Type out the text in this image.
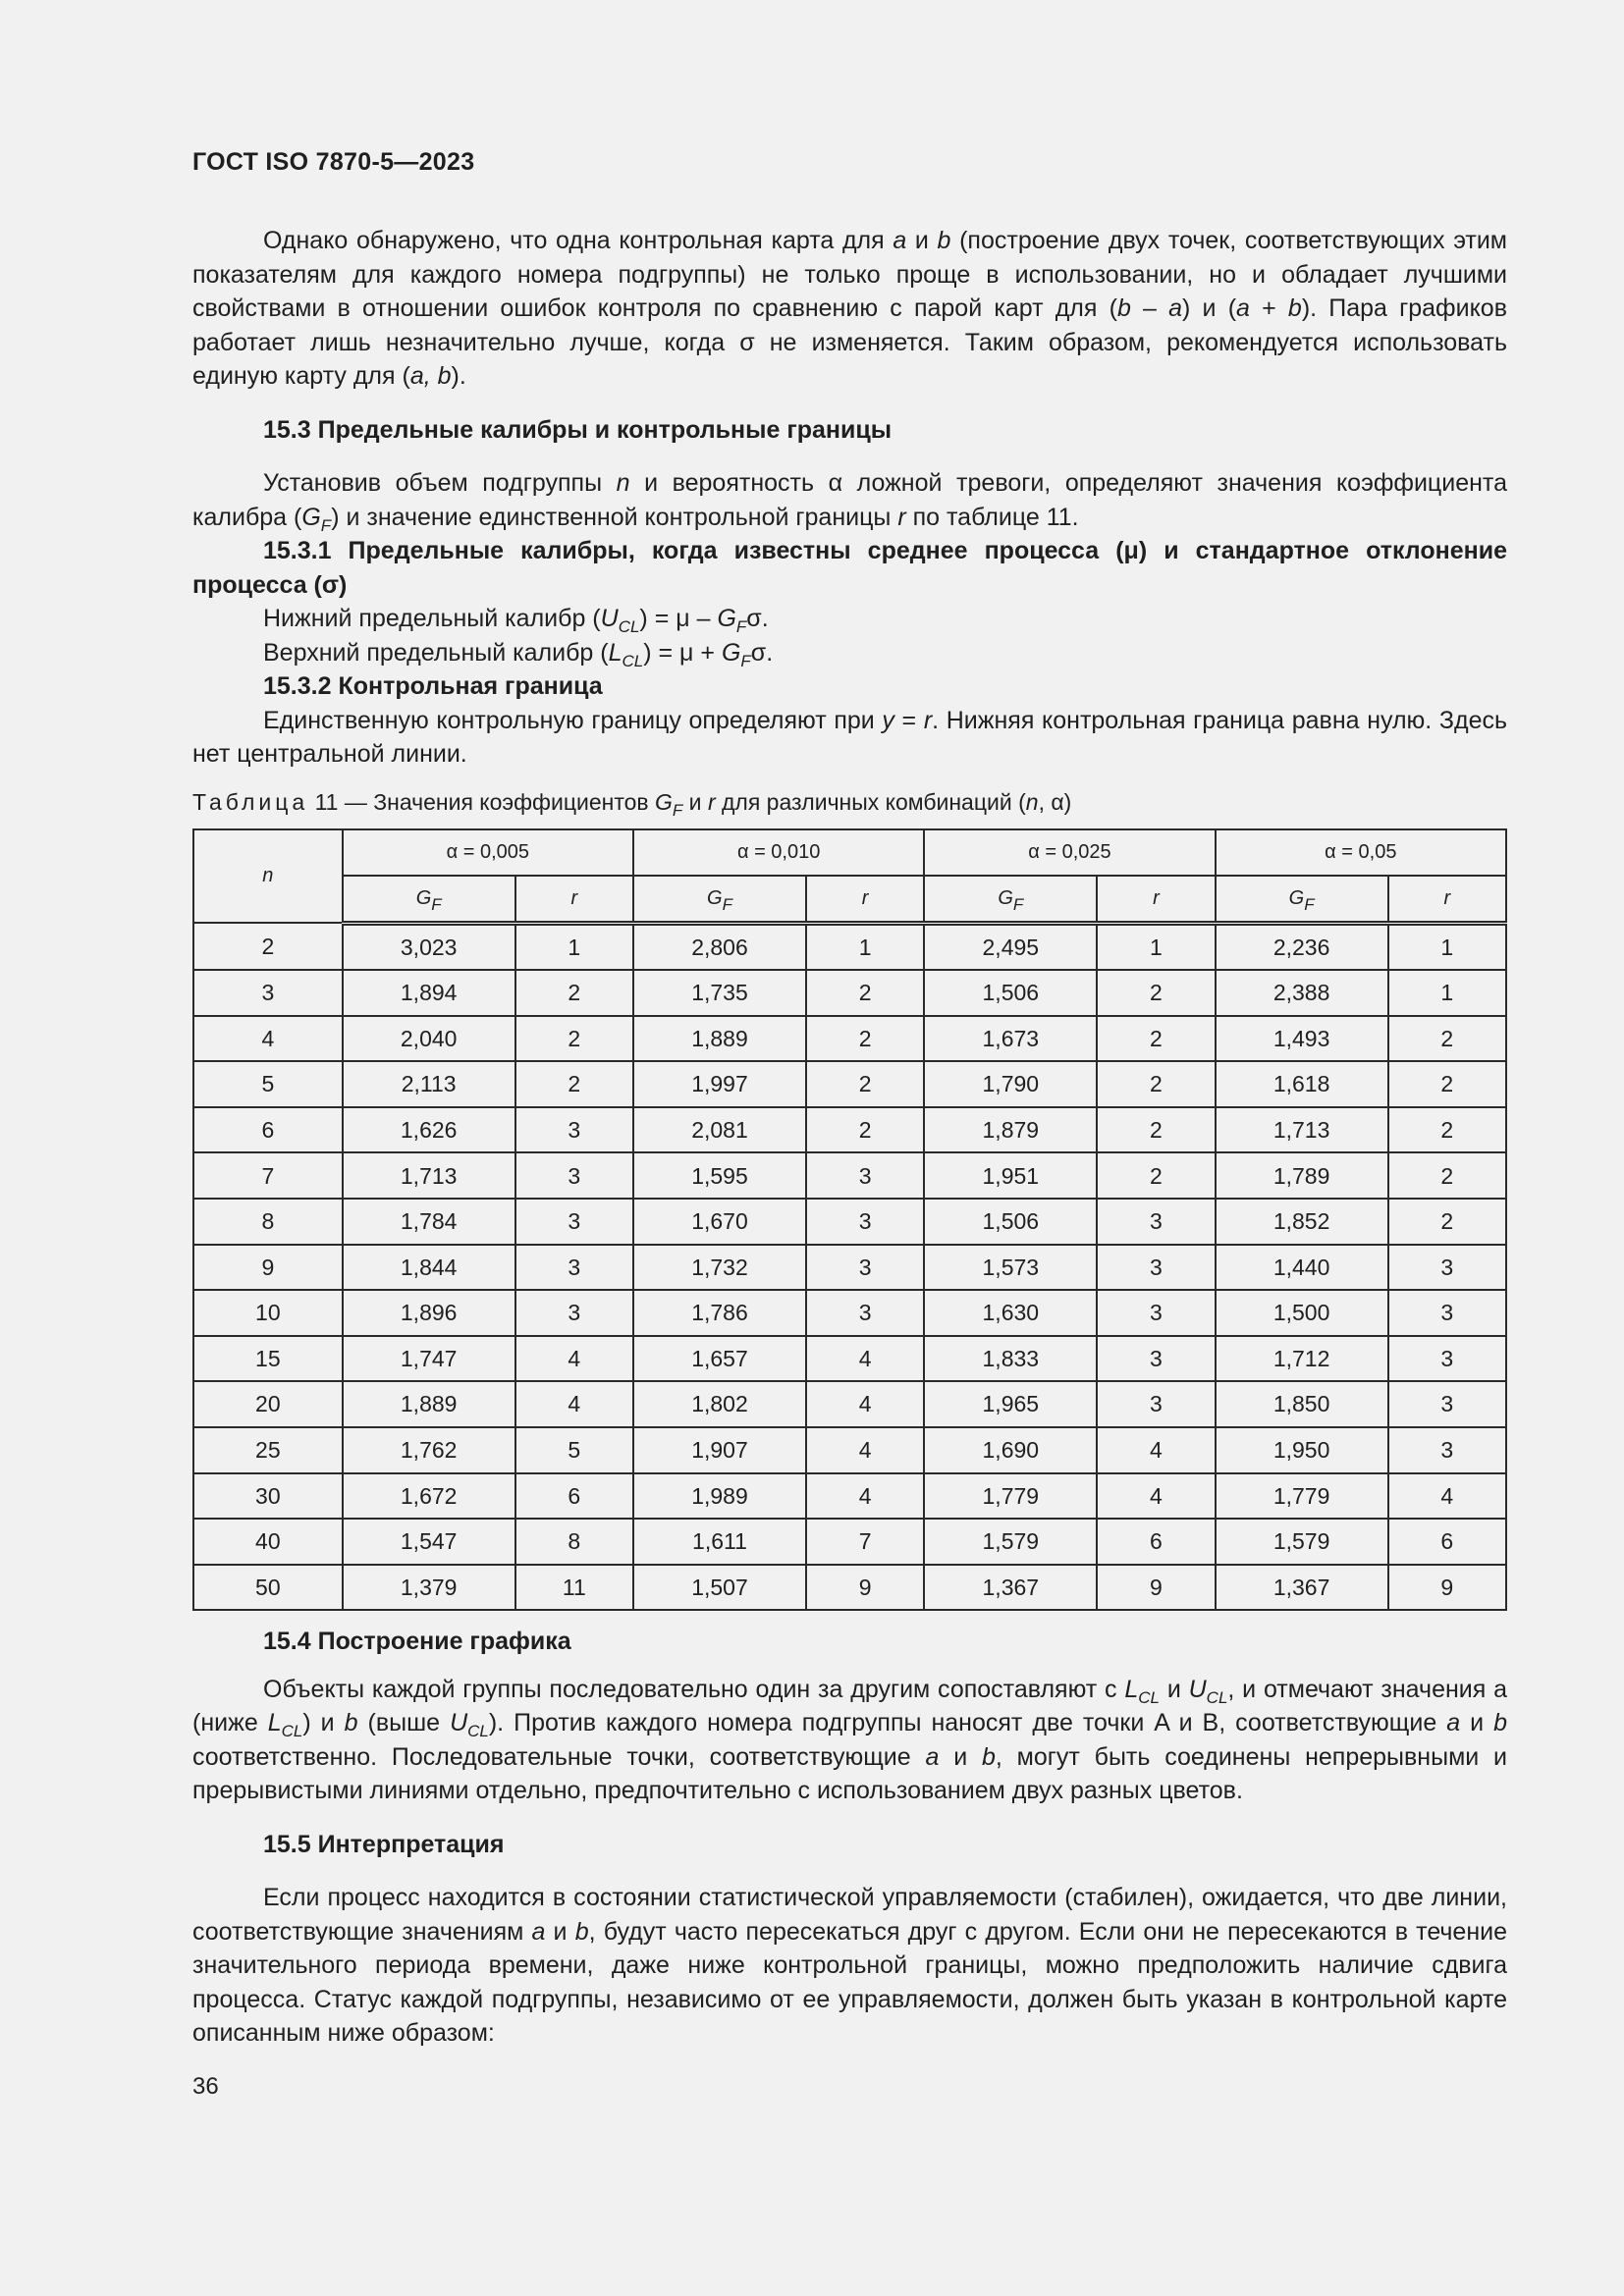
ГОСТ ISO 7870-5—2023

Однако обнаружено, что одна контрольная карта для a и b (построение двух точек, соответствующих этим показателям для каждого номера подгруппы) не только проще в использовании, но и обладает лучшими свойствами в отношении ошибок контроля по сравнению с парой карт для (b – a) и (a + b). Пара графиков работает лишь незначительно лучше, когда σ не изменяется. Таким образом, рекомендуется использовать единую карту для (a, b).

15.3 Предельные калибры и контрольные границы

Установив объем подгруппы n и вероятность α ложной тревоги, определяют значения коэффициента калибра $(G_F)$ и значение единственной контрольной границы r по таблице 11.

15.3.1 Предельные калибры, когда известны среднее процесса (μ) и стандартное отклонение процесса (σ)

Нижний предельный калибр $(U_{CL}) = \mu - G_F\sigma$.

Верхний предельный калибр $(L_{CL}) = \mu + G_F\sigma$.

15.3.2 Контрольная граница

Единственную контрольную границу определяют при y = r. Нижняя контрольная граница равна нулю. Здесь нет центральной линии.

Таблица 11 — Значения коэффициентов $G_F$ и r для различных комбинаций (n, α)
n	α = 0,005		α = 0,010		α = 0,025		α = 0,05	
	$G_F$	r	$G_F$	r	$G_F$	r	$G_F$	r
2	3,023	1	2,806	1	2,495	1	2,236	1
3	1,894	2	1,735	2	1,506	2	2,388	1
4	2,040	2	1,889	2	1,673	2	1,493	2
5	2,113	2	1,997	2	1,790	2	1,618	2
6	1,626	3	2,081	2	1,879	2	1,713	2
7	1,713	3	1,595	3	1,951	2	1,789	2
8	1,784	3	1,670	3	1,506	3	1,852	2
9	1,844	3	1,732	3	1,573	3	1,440	3
10	1,896	3	1,786	3	1,630	3	1,500	3
15	1,747	4	1,657	4	1,833	3	1,712	3
20	1,889	4	1,802	4	1,965	3	1,850	3
25	1,762	5	1,907	4	1,690	4	1,950	3
30	1,672	6	1,989	4	1,779	4	1,779	4
40	1,547	8	1,611	7	1,579	6	1,579	6
50	1,379	11	1,507	9	1,367	9	1,367	9

15.4 Построение графика

Объекты каждой группы последовательно один за другим сопоставляют с $L_{CL}$ и $U_{CL}$, и отмечают значения a (ниже $L_{CL}$) и b (выше $U_{CL}$). Против каждого номера подгруппы наносят две точки A и B, соответствующие a и b соответственно. Последовательные точки, соответствующие a и b, могут быть соединены непрерывными и прерывистыми линиями отдельно, предпочтительно с использованием двух разных цветов.

15.5 Интерпретация

Если процесс находится в состоянии статистической управляемости (стабилен), ожидается, что две линии, соответствующие значениям a и b, будут часто пересекаться друг с другом. Если они не пересекаются в течение значительного периода времени, даже ниже контрольной границы, можно предположить наличие сдвига процесса. Статус каждой подгруппы, независимо от ее управляемости, должен быть указан в контрольной карте описанным ниже образом:

36
